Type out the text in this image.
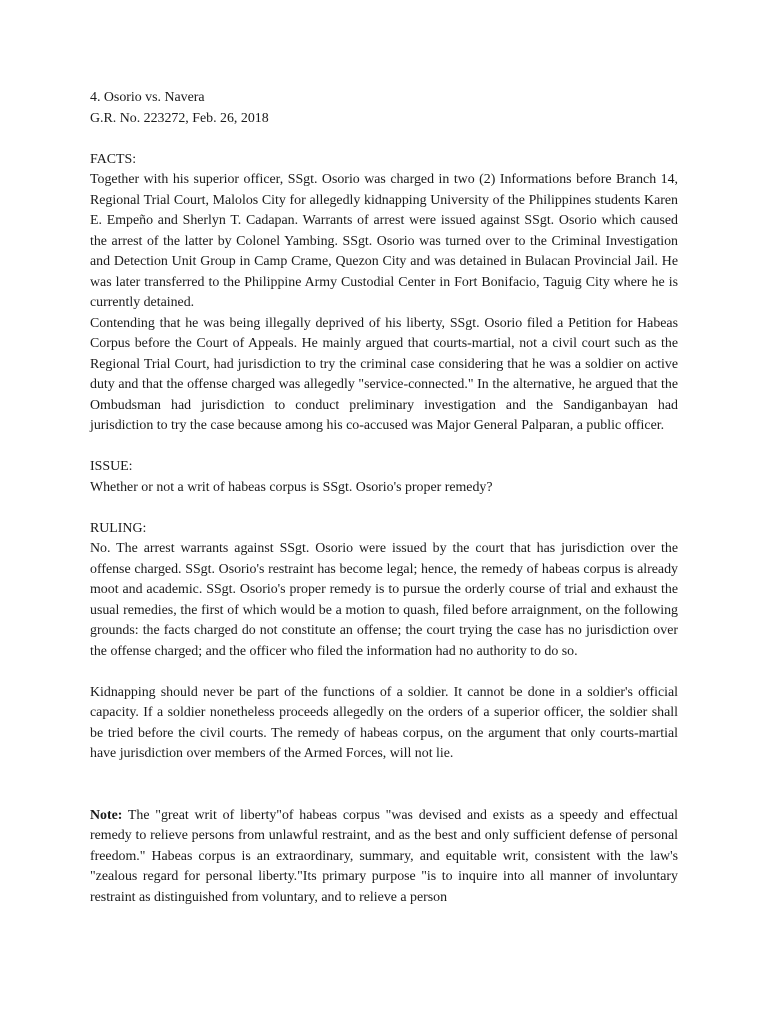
4. Osorio vs. Navera
G.R. No. 223272, Feb. 26, 2018
FACTS:

Together with his superior officer, SSgt. Osorio was charged in two (2) Informations before Branch 14, Regional Trial Court, Malolos City for allegedly kidnapping University of the Philippines students Karen E. Empeño and Sherlyn T. Cadapan. Warrants of arrest were issued against SSgt. Osorio which caused the arrest of the latter by Colonel Yambing. SSgt. Osorio was turned over to the Criminal Investigation and Detection Unit Group in Camp Crame, Quezon City and was detained in Bulacan Provincial Jail. He was later transferred to the Philippine Army Custodial Center in Fort Bonifacio, Taguig City where he is currently detained.

Contending that he was being illegally deprived of his liberty, SSgt. Osorio filed a Petition for Habeas Corpus before the Court of Appeals. He mainly argued that courts-martial, not a civil court such as the Regional Trial Court, had jurisdiction to try the criminal case considering that he was a soldier on active duty and that the offense charged was allegedly "service-connected." In the alternative, he argued that the Ombudsman had jurisdiction to conduct preliminary investigation and the Sandiganbayan had jurisdiction to try the case because among his co-accused was Major General Palparan, a public officer.

ISSUE:

Whether or not a writ of habeas corpus is SSgt. Osorio's proper remedy?

RULING:

No. The arrest warrants against SSgt. Osorio were issued by the court that has jurisdiction over the offense charged. SSgt. Osorio's restraint has become legal; hence, the remedy of habeas corpus is already moot and academic. SSgt. Osorio's proper remedy is to pursue the orderly course of trial and exhaust the usual remedies, the first of which would be a motion to quash, filed before arraignment, on the following grounds: the facts charged do not constitute an offense; the court trying the case has no jurisdiction over the offense charged; and the officer who filed the information had no authority to do so.

Kidnapping should never be part of the functions of a soldier. It cannot be done in a soldier's official capacity. If a soldier nonetheless proceeds allegedly on the orders of a superior officer, the soldier shall be tried before the civil courts. The remedy of habeas corpus, on the argument that only courts-martial have jurisdiction over members of the Armed Forces, will not lie.

Note: The "great writ of liberty"of habeas corpus "was devised and exists as a speedy and effectual remedy to relieve persons from unlawful restraint, and as the best and only sufficient defense of personal freedom." Habeas corpus is an extraordinary, summary, and equitable writ, consistent with the law's "zealous regard for personal liberty."Its primary purpose "is to inquire into all manner of involuntary restraint as distinguished from voluntary, and to relieve a person
